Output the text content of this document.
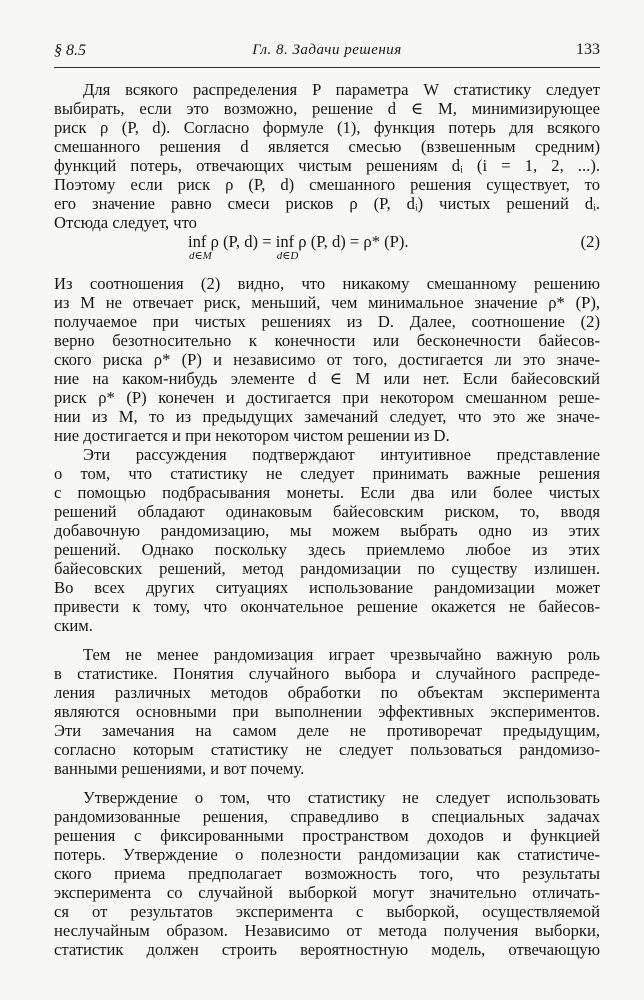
§ 8.5	Гл. 8. Задачи решения	133
Для всякого распределения P параметра W статистику следует
выбирать, если это возможно, решение d ∈ M, минимизирующее
риск ρ (P, d). Согласно формуле (1), функция потерь для всякого
смешанного решения d является смесью (взвешенным средним)
функций потерь, отвечающих чистым решениям dᵢ (i = 1, 2, ...).
Поэтому если риск ρ (P, d) смешанного решения существует, то
его значение равно смеси рисков ρ (P, dᵢ) чистых решений dᵢ.
Отсюда следует, что
inf
d∈M
ρ (P, d) = inf
d∈D
ρ (P, d) = ρ* (P).	(2)
Из соотношения (2) видно, что никакому смешанному решению
из M не отвечает риск, меньший, чем минимальное значение ρ* (P),
получаемое при чистых решениях из D. Далее, соотношение (2)
верно безотносительно к конечности или бесконечности байесов-
ского риска ρ* (P) и независимо от того, достигается ли это значе-
ние на каком-нибудь элементе d ∈ M или нет. Если байесовский
риск ρ* (P) конечен и достигается при некотором смешанном реше-
нии из M, то из предыдущих замечаний следует, что это же значе-
ние достигается и при некотором чистом решении из D.
Эти рассуждения подтверждают интуитивное представление
о том, что статистику не следует принимать важные решения
с помощью подбрасывания монеты. Если два или более чистых
решений обладают одинаковым байесовским риском, то, вводя
добавочную рандомизацию, мы можем выбрать одно из этих
решений. Однако поскольку здесь приемлемо любое из этих
байесовских решений, метод рандомизации по существу излишен.
Во всех других ситуациях использование рандомизации может
привести к тому, что окончательное решение окажется не байесов-
ским.
Тем не менее рандомизация играет чрезвычайно важную роль
в статистике. Понятия случайного выбора и случайного распреде-
ления различных методов обработки по объектам эксперимента
являются основными при выполнении эффективных экспериментов.
Эти замечания на самом деле не противоречат предыдущим,
согласно которым статистику не следует пользоваться рандомизо-
ванными решениями, и вот почему.
Утверждение о том, что статистику не следует использовать
рандомизованные решения, справедливо в специальных задачах
решения с фиксированными пространством доходов и функцией
потерь. Утверждение о полезности рандомизации как статистиче-
ского приема предполагает возможность того, что результаты
эксперимента со случайной выборкой могут значительно отличать-
ся от результатов эксперимента с выборкой, осуществляемой
неслучайным образом. Независимо от метода получения выборки,
статистик должен строить вероятностную модель, отвечающую
